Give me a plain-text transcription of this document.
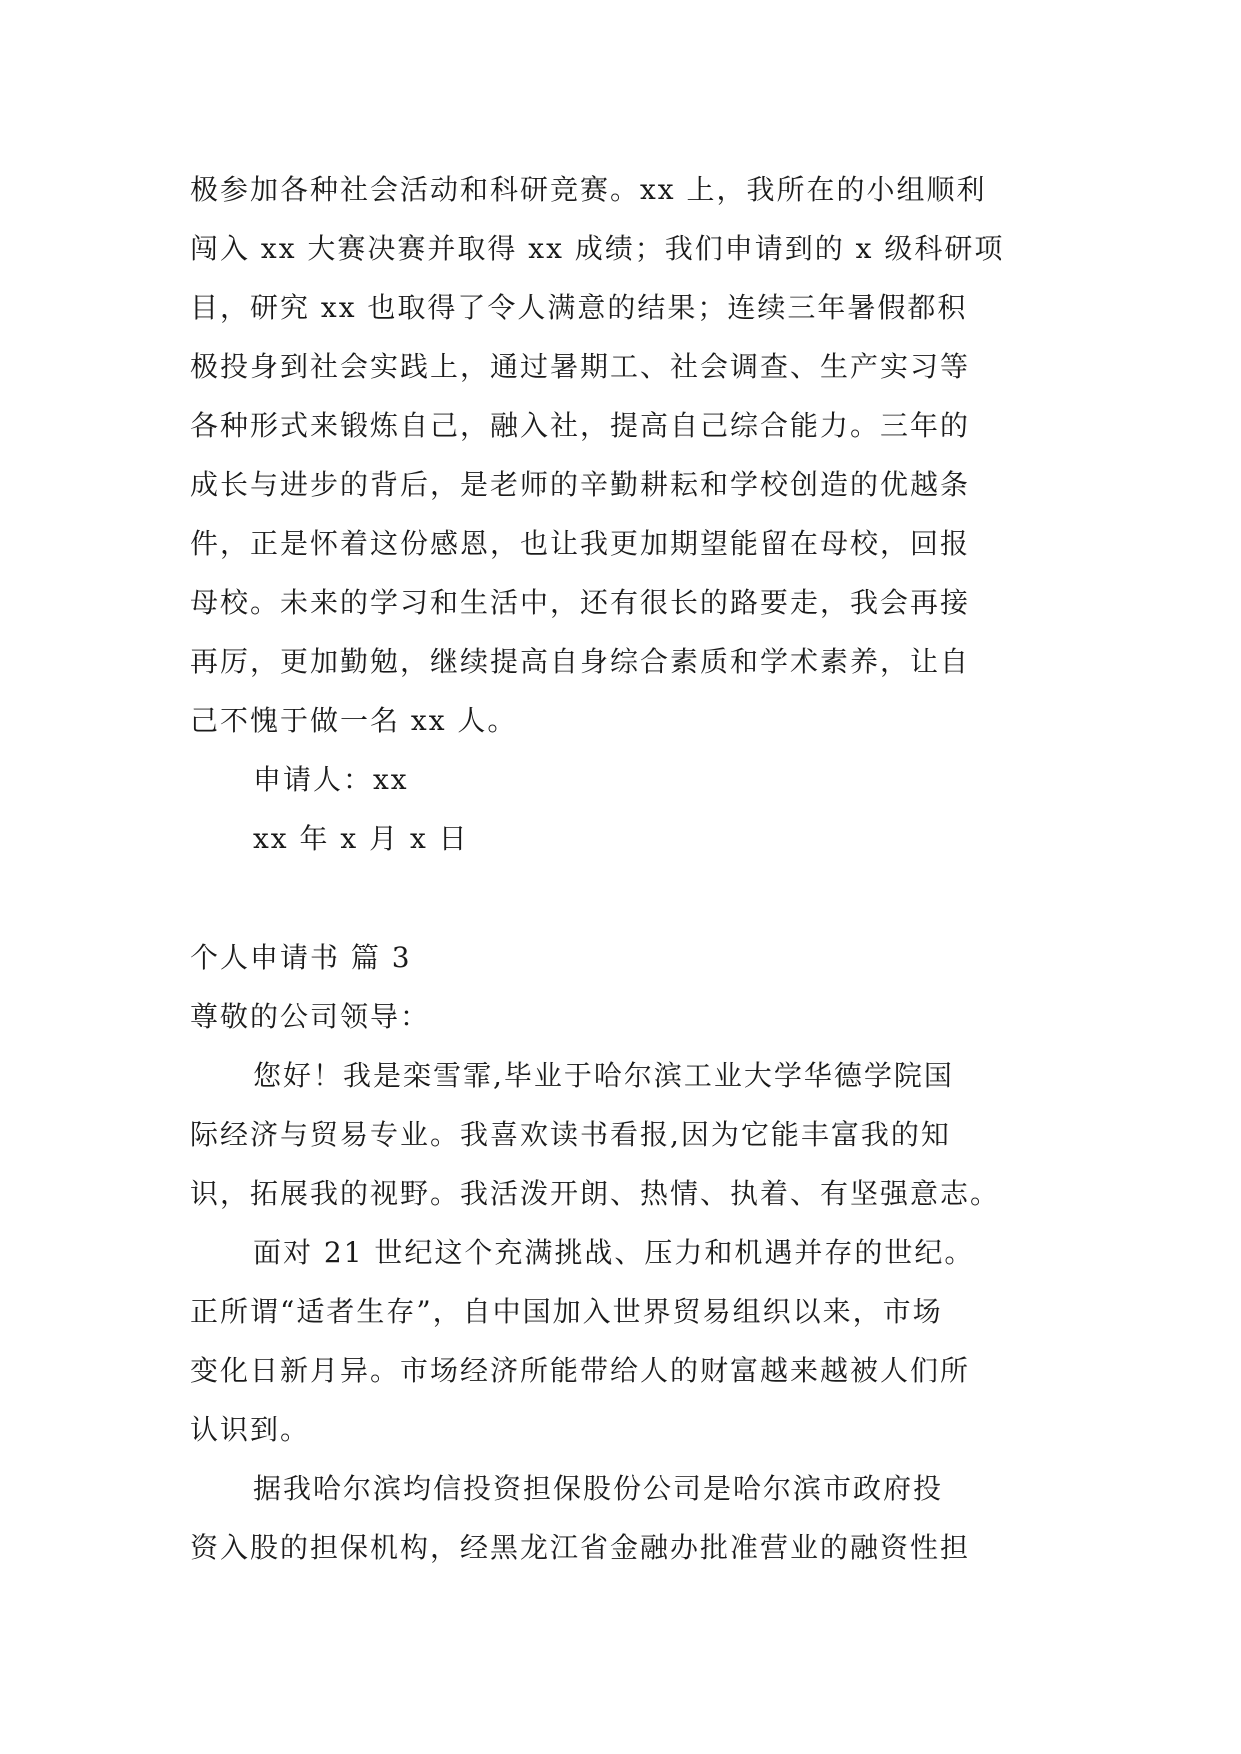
极参加各种社会活动和科研竞赛。xx 上，我所在的小组顺利
闯入 xx 大赛决赛并取得 xx 成绩；我们申请到的 x 级科研项
目，研究 xx 也取得了令人满意的结果；连续三年暑假都积
极投身到社会实践上，通过暑期工、社会调查、生产实习等
各种形式来锻炼自己，融入社，提高自己综合能力。三年的
成长与进步的背后，是老师的辛勤耕耘和学校创造的优越条
件，正是怀着这份感恩，也让我更加期望能留在母校，回报
母校。未来的学习和生活中，还有很长的路要走，我会再接
再厉，更加勤勉，继续提高自身综合素质和学术素养，让自
己不愧于做一名 xx 人。
申请人：xx
xx 年 x 月 x 日
个人申请书 篇 3
尊敬的公司领导：
您好！我是栾雪霏,毕业于哈尔滨工业大学华德学院国
际经济与贸易专业。我喜欢读书看报,因为它能丰富我的知
识，拓展我的视野。我活泼开朗、热情、执着、有坚强意志。
面对 21 世纪这个充满挑战、压力和机遇并存的世纪。
正所谓“适者生存”，自中国加入世界贸易组织以来，市场
变化日新月异。市场经济所能带给人的财富越来越被人们所
认识到。
据我哈尔滨均信投资担保股份公司是哈尔滨市政府投
资入股的担保机构，经黑龙江省金融办批准营业的融资性担
